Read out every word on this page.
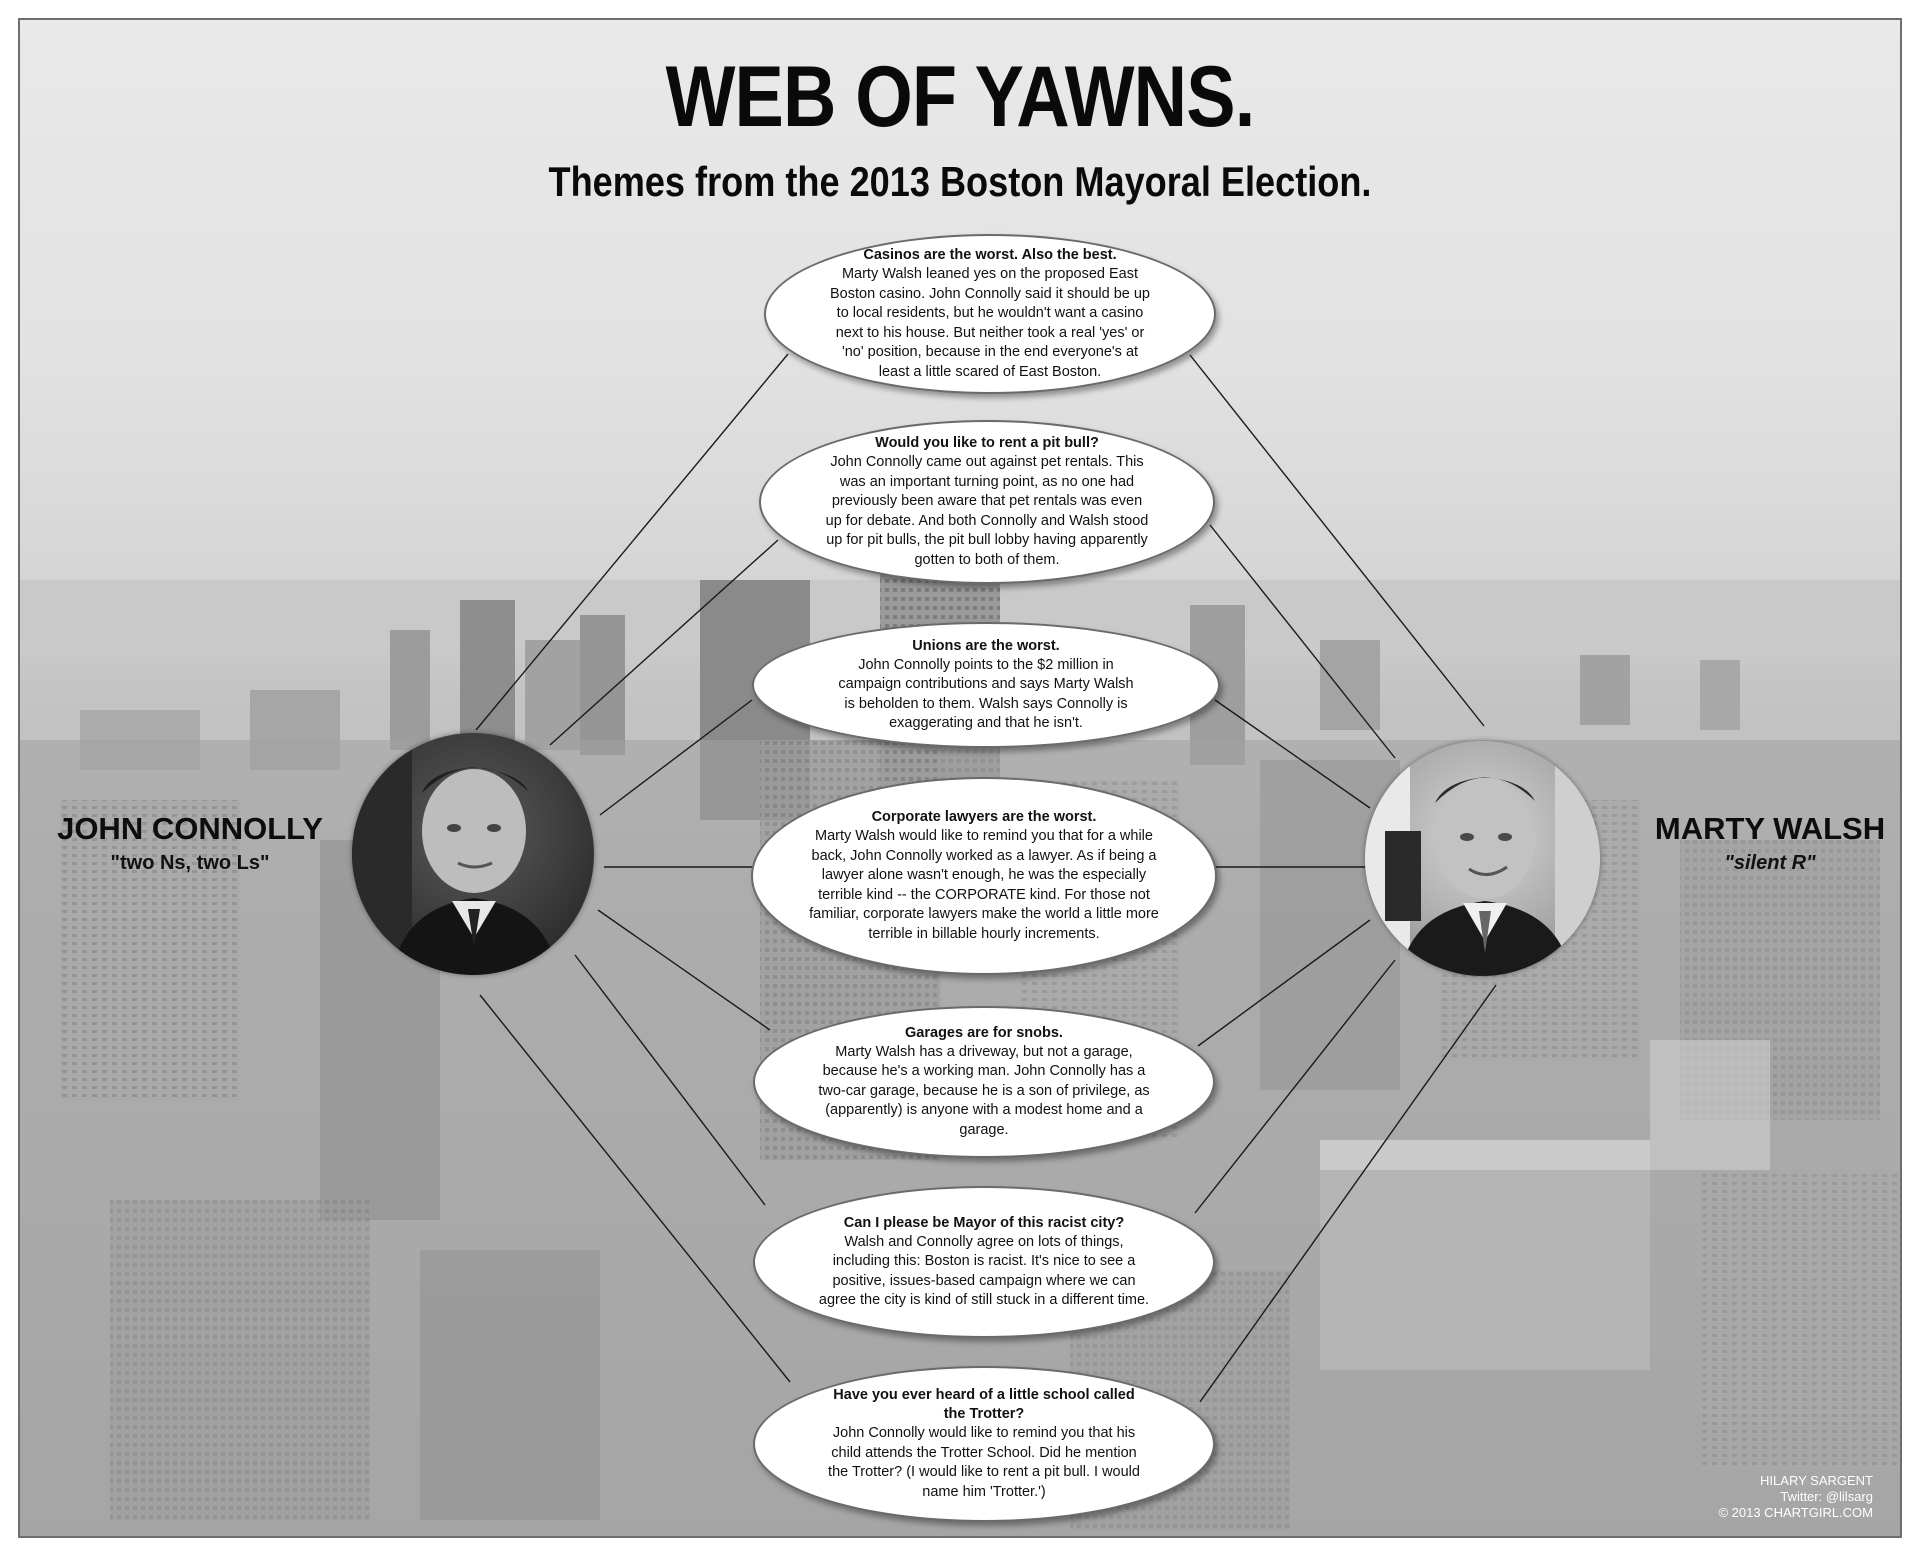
WEB OF YAWNS.
Themes from the 2013 Boston Mayoral Election.
JOHN CONNOLLY
"two Ns, two Ls"
MARTY WALSH
"silent R"
Casinos are the worst. Also the best.

Marty Walsh leaned yes on the proposed East Boston casino. John Connolly said it should be up to local residents, but he wouldn't want a casino next to his house. But neither took a real 'yes' or 'no' position, because in the end everyone's at least a little scared of East Boston.

Would you like to rent a pit bull?

John Connolly came out against pet rentals. This was an important turning point, as no one had previously been aware that pet rentals was even up for debate. And both Connolly and Walsh stood up for pit bulls, the pit bull lobby having apparently gotten to both of them.

Unions are the worst.

John Connolly points to the $2 million in campaign contributions and says Marty Walsh is beholden to them. Walsh says Connolly is exaggerating and that he isn't.

Corporate lawyers are the worst.

Marty Walsh would like to remind you that for a while back, John Connolly worked as a lawyer. As if being a lawyer alone wasn't enough, he was the especially terrible kind -- the CORPORATE kind. For those not familiar, corporate lawyers make the world a little more terrible in billable hourly increments.

Garages are for snobs.

Marty Walsh has a driveway, but not a garage, because he's a working man. John Connolly has a two-car garage, because he is a son of privilege, as (apparently) is anyone with a modest home and a garage.

Can I please be Mayor of this racist city?

Walsh and Connolly agree on lots of things, including this: Boston is racist. It's nice to see a positive, issues-based campaign where we can agree the city is kind of still stuck in a different time.

Have you ever heard of a little school called the Trotter?

John Connolly would like to remind you that his child attends the Trotter School. Did he mention the Trotter? (I would like to rent a pit bull. I would name him 'Trotter.')

HILARY SARGENT
Twitter: @lilsarg
© 2013 CHARTGIRL.COM
